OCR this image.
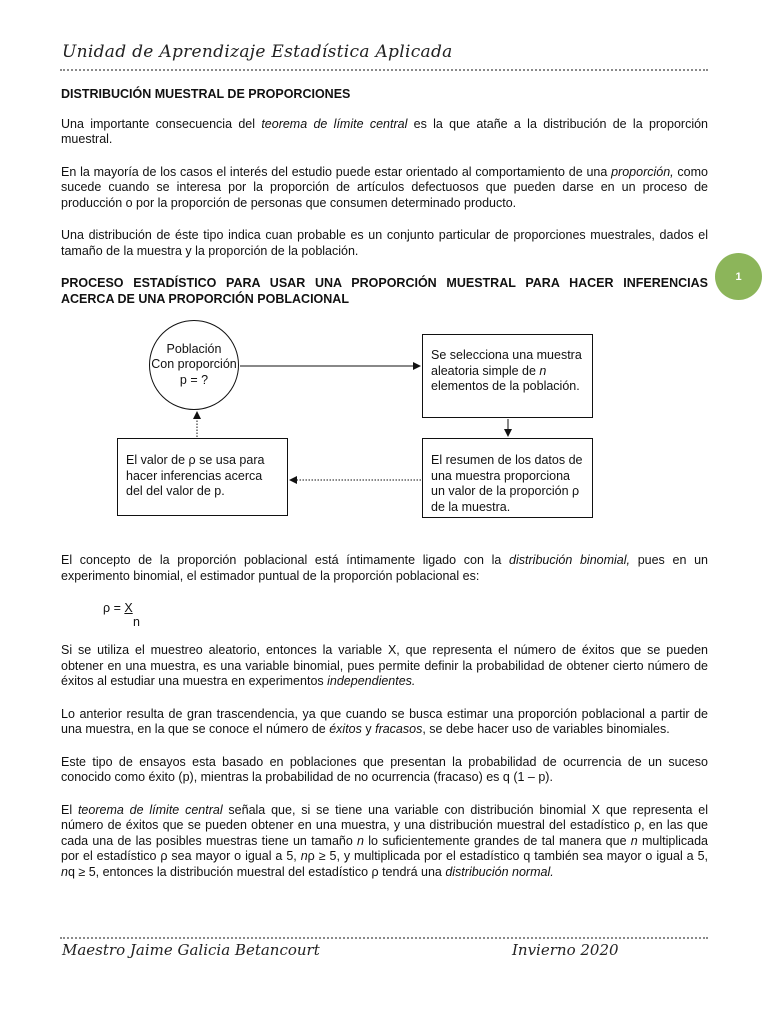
Unidad de Aprendizaje Estadística Aplicada
1

DISTRIBUCIÓN MUESTRAL DE PROPORCIONES

Una importante consecuencia del teorema de límite central es la que atañe a la distribución de la proporción muestral.

En la mayoría de los casos el interés del estudio puede estar orientado al comportamiento de una proporción, como sucede cuando se interesa por la proporción de artículos defectuosos que pueden darse en un proceso de producción o por la proporción de personas que consumen determinado producto.

Una distribución de éste tipo indica cuan probable es un conjunto particular de proporciones muestrales, dados el tamaño de la muestra y la proporción de la población.

PROCESO ESTADÍSTICO PARA USAR UNA PROPORCIÓN MUESTRAL PARA HACER INFERENCIAS ACERCA DE UNA PROPORCIÓN POBLACIONAL

Población
Con proporción
p = ?
Se selecciona una muestra aleatoria simple de n elementos de la población.
El resumen de los datos de una muestra proporciona un valor de la proporción ρ de la muestra.
El valor de ρ se usa para hacer inferencias acerca del del valor de p.

El concepto de la proporción poblacional está íntimamente ligado con la distribución binomial, pues en un experimento binomial, el estimador puntual de la proporción poblacional es:

ρ = X
n

Si se utiliza el muestreo aleatorio, entonces la variable X, que representa el número de éxitos que se pueden obtener en una muestra, es una variable binomial, pues permite definir la probabilidad de obtener cierto número de éxitos al estudiar una muestra en experimentos independientes.

Lo anterior resulta de gran trascendencia, ya que cuando se busca estimar una proporción poblacional a partir de una muestra, en la que se conoce el número de éxitos y fracasos, se debe hacer uso de variables binomiales.

Este tipo de ensayos esta basado en poblaciones que presentan la probabilidad de ocurrencia de un suceso conocido como éxito (p), mientras la probabilidad de no ocurrencia (fracaso) es q (1 – p).

El teorema de límite central señala que, si se tiene una variable con distribución binomial X que representa el número de éxitos que se pueden obtener en una muestra, y una distribución muestral del estadístico ρ, en las que cada una de las posibles muestras tiene un tamaño n lo suficientemente grandes de tal manera que n multiplicada por el estadístico ρ sea mayor o igual a 5, nρ ≥ 5, y multiplicada por el estadístico q también sea mayor o igual a 5, nq ≥ 5, entonces la distribución muestral del estadístico ρ tendrá una distribución normal.

Maestro Jaime Galicia Betancourt	Invierno 2020
